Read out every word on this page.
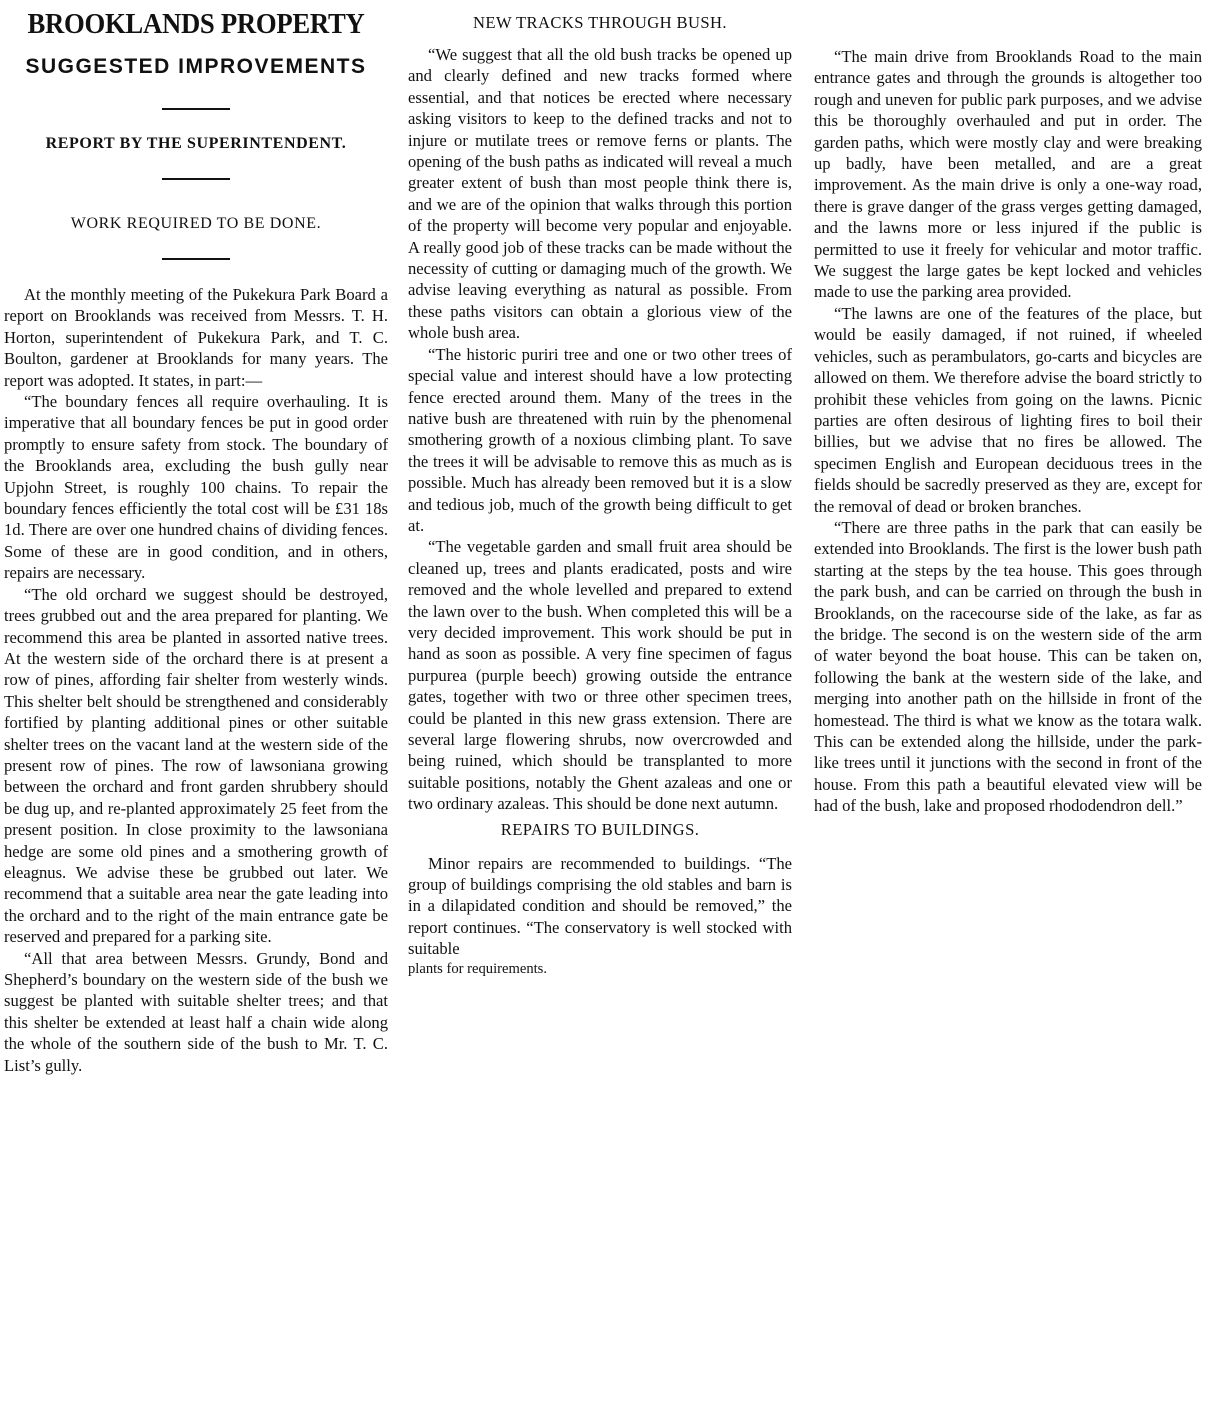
BROOKLANDS PROPERTY
SUGGESTED IMPROVEMENTS
REPORT BY THE SUPERINTENDENT.
WORK REQUIRED TO BE DONE.

At the monthly meeting of the Pukekura Park Board a report on Brooklands was received from Messrs. T. H. Horton, superintendent of Pukekura Park, and T. C. Boulton, gardener at Brooklands for many years. The report was adopted. It states, in part:—

“The boundary fences all require overhauling. It is imperative that all boundary fences be put in good order promptly to ensure safety from stock. The boundary of the Brooklands area, excluding the bush gully near Upjohn Street, is roughly 100 chains. To repair the boundary fences efficiently the total cost will be £31 18s 1d. There are over one hundred chains of dividing fences. Some of these are in good condition, and in others, repairs are necessary.

“The old orchard we suggest should be destroyed, trees grubbed out and the area prepared for planting. We recommend this area be planted in assorted native trees. At the western side of the orchard there is at present a row of pines, affording fair shelter from westerly winds. This shelter belt should be strengthened and considerably fortified by planting additional pines or other suitable shelter trees on the vacant land at the western side of the present row of pines. The row of lawsoniana growing between the orchard and front garden shrubbery should be dug up, and re-planted approximately 25 feet from the present position. In close proximity to the lawsoniana hedge are some old pines and a smothering growth of eleagnus. We advise these be grubbed out later. We recommend that a suitable area near the gate leading into the orchard and to the right of the main entrance gate be reserved and prepared for a parking site.

“All that area between Messrs. Grundy, Bond and Shepherd’s boundary on the western side of the bush we suggest be planted with suitable shelter trees; and that this shelter be extended at least half a chain wide along the whole of the southern side of the bush to Mr. T. C. List’s gully.

NEW TRACKS THROUGH BUSH.

“We suggest that all the old bush tracks be opened up and clearly defined and new tracks formed where essential, and that notices be erected where necessary asking visitors to keep to the defined tracks and not to injure or mutilate trees or remove ferns or plants. The opening of the bush paths as indicated will reveal a much greater extent of bush than most people think there is, and we are of the opinion that walks through this portion of the property will become very popular and enjoyable. A really good job of these tracks can be made without the necessity of cutting or damaging much of the growth. We advise leaving everything as natural as possible. From these paths visitors can obtain a glorious view of the whole bush area.

“The historic puriri tree and one or two other trees of special value and interest should have a low protecting fence erected around them. Many of the trees in the native bush are threatened with ruin by the phenomenal smothering growth of a noxious climbing plant. To save the trees it will be advisable to remove this as much as is possible. Much has already been removed but it is a slow and tedious job, much of the growth being difficult to get at.

“The vegetable garden and small fruit area should be cleaned up, trees and plants eradicated, posts and wire removed and the whole levelled and prepared to extend the lawn over to the bush. When completed this will be a very decided improvement. This work should be put in hand as soon as possible. A very fine specimen of fagus purpurea (purple beech) growing outside the entrance gates, together with two or three other specimen trees, could be planted in this new grass extension. There are several large flowering shrubs, now overcrowded and being ruined, which should be transplanted to more suitable positions, notably the Ghent azaleas and one or two ordinary azaleas. This should be done next autumn.

REPAIRS TO BUILDINGS.

Minor repairs are recommended to buildings. “The group of buildings comprising the old stables and barn is in a dilapidated condition and should be removed,” the report continues. “The conservatory is well stocked with suitable

plants for requirements.

“The main drive from Brooklands Road to the main entrance gates and through the grounds is altogether too rough and uneven for public park purposes, and we advise this be thoroughly overhauled and put in order. The garden paths, which were mostly clay and were breaking up badly, have been metalled, and are a great improvement. As the main drive is only a one-way road, there is grave danger of the grass verges getting damaged, and the lawns more or less injured if the public is permitted to use it freely for vehicular and motor traffic. We suggest the large gates be kept locked and vehicles made to use the parking area provided.

“The lawns are one of the features of the place, but would be easily damaged, if not ruined, if wheeled vehicles, such as perambulators, go-carts and bicycles are allowed on them. We therefore advise the board strictly to prohibit these vehicles from going on the lawns. Picnic parties are often desirous of lighting fires to boil their billies, but we advise that no fires be allowed. The specimen English and European deciduous trees in the fields should be sacredly preserved as they are, except for the removal of dead or broken branches.

“There are three paths in the park that can easily be extended into Brooklands. The first is the lower bush path starting at the steps by the tea house. This goes through the park bush, and can be carried on through the bush in Brooklands, on the racecourse side of the lake, as far as the bridge. The second is on the western side of the arm of water beyond the boat house. This can be taken on, following the bank at the western side of the lake, and merging into another path on the hillside in front of the homestead. The third is what we know as the totara walk. This can be extended along the hillside, under the park-like trees until it junctions with the second in front of the house. From this path a beautiful elevated view will be had of the bush, lake and proposed rhododendron dell.”
